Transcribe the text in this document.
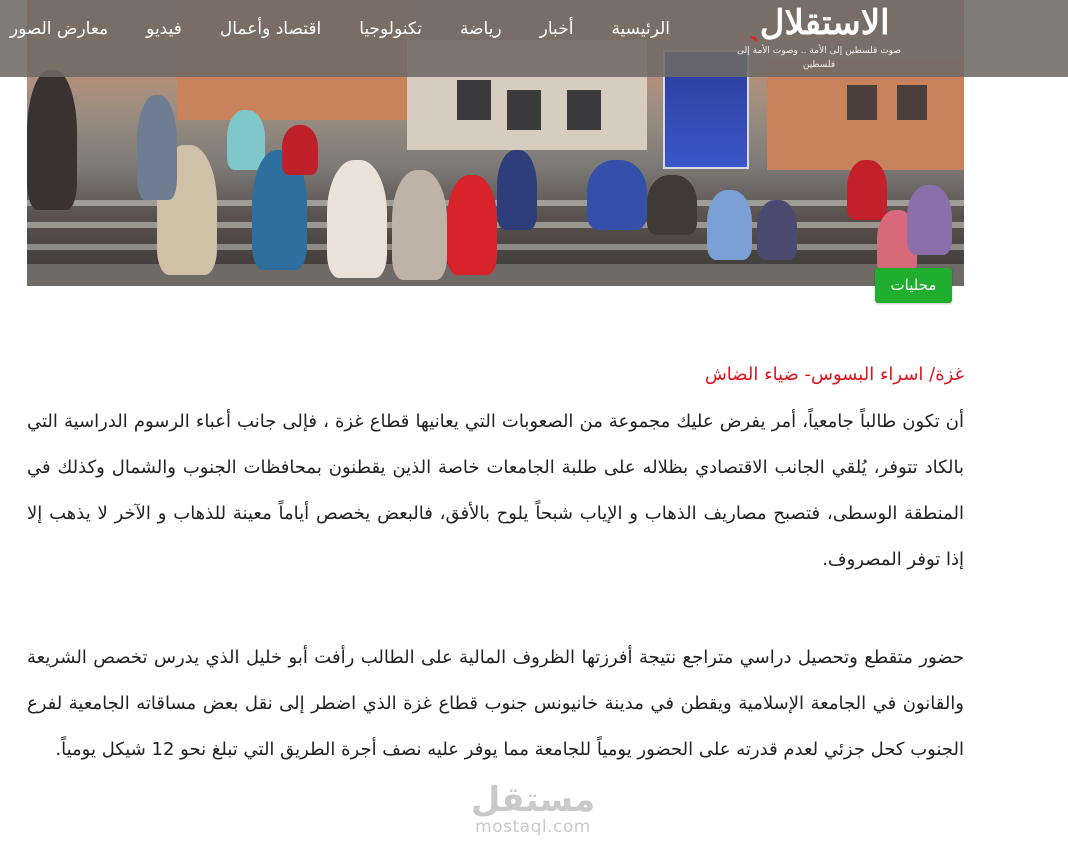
الاستقلالˎ
صوت فلسطين إلى الأمة .. وصوت الأمة إلى فلسطين
الرئيسية
أخبار
رياضة
تكنولوجيا
اقتصاد وأعمال
فيديو
معارض الصور
محليات
غزة/ اسراء البسوس- ضياء الضاش

أن تكون طالباً جامعياً، أمر يفرض عليك مجموعة من الصعوبات التي يعانيها قطاع غزة ، فإلى جانب أعباء الرسوم الدراسية التي بالكاد تتوفر، يُلقي الجانب الاقتصادي بظلاله على طلبة الجامعات خاصة الذين يقطنون بمحافظات الجنوب والشمال وكذلك في المنطقة الوسطى، فتصبح مصاريف الذهاب و الإياب شبحاً يلوح بالأفق، فالبعض يخصص أياماً معينة للذهاب و الآخر لا يذهب إلا إذا توفر المصروف.

حضور متقطع وتحصيل دراسي متراجع نتيجة أفرزتها الظروف المالية على الطالب رأفت أبو خليل الذي يدرس تخصص الشريعة والقانون في الجامعة الإسلامية ويقطن في مدينة خانيونس جنوب قطاع غزة الذي اضطر إلى نقل بعض مساقاته الجامعية لفرع الجنوب كحل جزئي لعدم قدرته على الحضور يومياً للجامعة مما يوفر عليه نصف أجرة الطريق التي تبلغ نحو 12 شيكل يومياً.

مستقل
mostaql.com
